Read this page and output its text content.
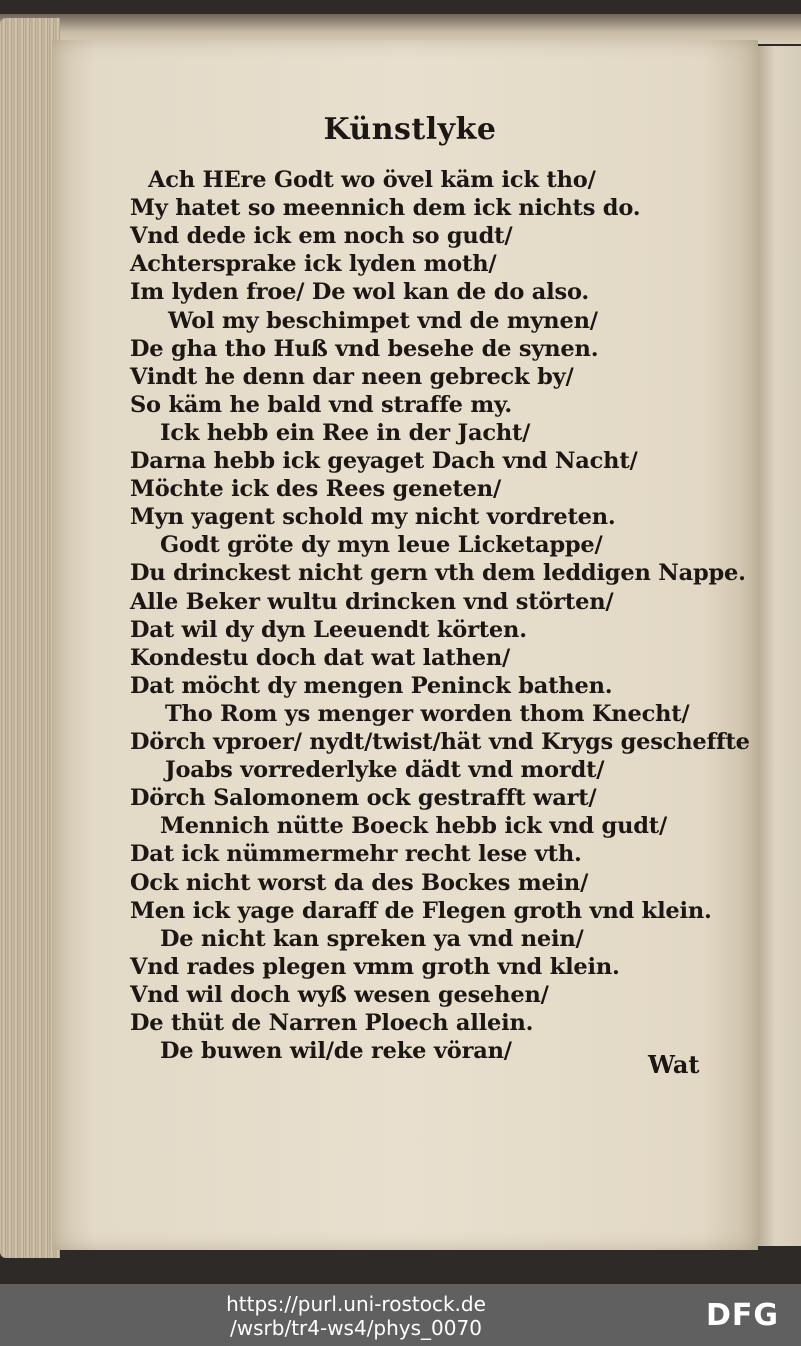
Künstlyke
Ach HEre Godt wo övel käm ick tho/
My hatet so meennich dem ick nichts do.
Vnd dede ick em noch so gudt/
Achtersprake ick lyden moth/
Im lyden froe/ De wol kan de do also.
Wol my beschimpet vnd de mynen/
De gha tho Huß vnd besehe de synen.
Vindt he denn dar neen gebreck by/
So käm he bald vnd straffe my.
Ick hebb ein Ree in der Jacht/
Darna hebb ick geyaget Dach vnd Nacht/
Möchte ick des Rees geneten/
Myn yagent schold my nicht vordreten.
Godt gröte dy myn leue Licketappe/
Du drinckest nicht gern vth dem leddigen Nappe.
Alle Beker wultu drincken vnd störten/
Dat wil dy dyn Leeuendt körten.
Kondestu doch dat wat lathen/
Dat möcht dy mengen Peninck bathen.
Tho Rom ys menger worden thom Knecht/
Dörch vproer/ nydt/twist/hät vnd Krygs gescheffte
Joabs vorrederlyke dädt vnd mordt/
Dörch Salomonem ock gestrafft wart/
Mennich nütte Boeck hebb ick vnd gudt/
Dat ick nümmermehr recht lese vth.
Ock nicht worst da des Bockes mein/
Men ick yage daraff de Flegen groth vnd klein.
De nicht kan spreken ya vnd nein/
Vnd rades plegen vmm groth vnd klein.
Vnd wil doch wyß wesen gesehen/
De thüt de Narren Ploech allein.
De buwen wil/de reke vöran/	Wat
https://purl.uni-rostock.de
/wsrb/tr4-ws4/phys_0070	DFG
